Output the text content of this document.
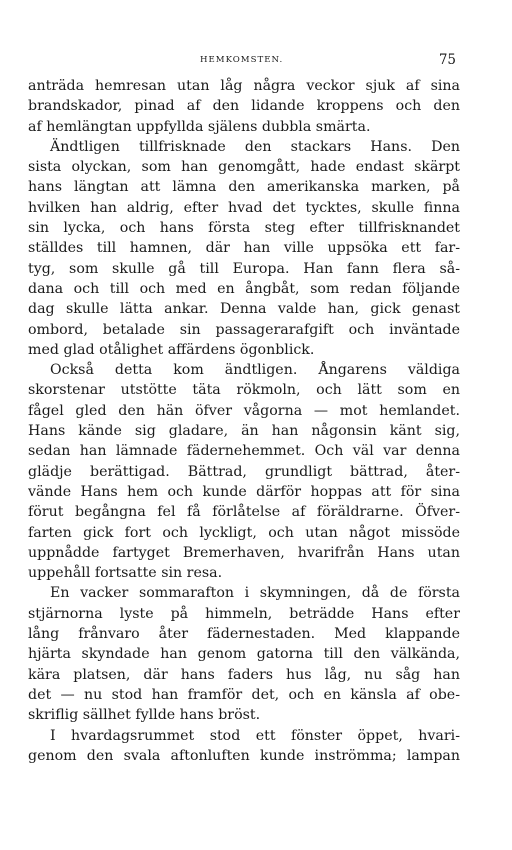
HEMKOMSTEN.	75
anträda hemresan utan låg några veckor sjuk af sina
brandskador, pinad af den lidande kroppens och den
af hemlängtan uppfyllda själens dubbla smärta.
Ändtligen tillfrisknade den stackars Hans. Den
sista olyckan, som han genomgått, hade endast skärpt
hans längtan att lämna den amerikanska marken, på
hvilken han aldrig, efter hvad det tycktes, skulle finna
sin lycka, och hans första steg efter tillfrisknandet
ställdes till hamnen, där han ville uppsöka ett far-
tyg, som skulle gå till Europa. Han fann flera så-
dana och till och med en ångbåt, som redan följande
dag skulle lätta ankar. Denna valde han, gick genast
ombord, betalade sin passagerarafgift och inväntade
med glad otålighet affärdens ögonblick.
Också detta kom ändtligen. Ångarens väldiga
skorstenar utstötte täta rökmoln, och lätt som en
fågel gled den hän öfver vågorna — mot hemlandet.
Hans kände sig gladare, än han någonsin känt sig,
sedan han lämnade fädernehemmet. Och väl var denna
glädje berättigad. Bättrad, grundligt bättrad, åter-
vände Hans hem och kunde därför hoppas att för sina
förut begångna fel få förlåtelse af föräldrarne. Öfver-
farten gick fort och lyckligt, och utan något missöde
uppnådde fartyget Bremerhaven, hvarifrån Hans utan
uppehåll fortsatte sin resa.
En vacker sommarafton i skymningen, då de första
stjärnorna lyste på himmeln, beträdde Hans efter
lång frånvaro åter fädernestaden. Med klappande
hjärta skyndade han genom gatorna till den välkända,
kära platsen, där hans faders hus låg, nu såg han
det — nu stod han framför det, och en känsla af obe-
skriflig sällhet fyllde hans bröst.
I hvardagsrummet stod ett fönster öppet, hvari-
genom den svala aftonluften kunde inströmma; lampan
